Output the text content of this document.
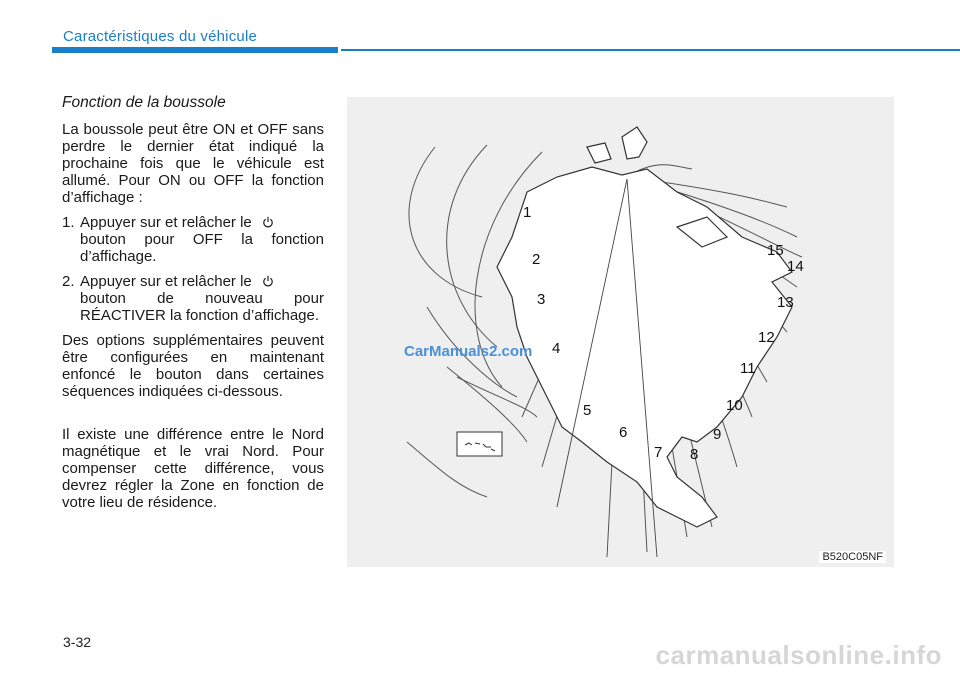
Caractéristiques du véhicule
Fonction de la boussole

La boussole peut être ON et OFF sans perdre le dernier état indiqué la prochaine fois que le véhicule est allumé. Pour ON ou OFF la fonction d’affichage :

1. Appuyer sur et relâcher le
bouton pour OFF la fonction d’affichage.
2. Appuyer sur et relâcher le
bouton de nouveau pour RÉACTIVER la fonction d’affichage.

Des options supplémentaires peuvent être configurées en maintenant enfoncé le bouton dans certaines séquences indiquées ci-dessous.

Il existe une différence entre le Nord magnétique et le vrai Nord. Pour compenser cette différence, vous devrez régler la Zone en fonction de votre lieu de résidence.

1
2
3
4
5
6
7 8
9
10
11
12
13
14
15
B520C05NF
CarManuals2.com
3-32	carmanualsonline.info
